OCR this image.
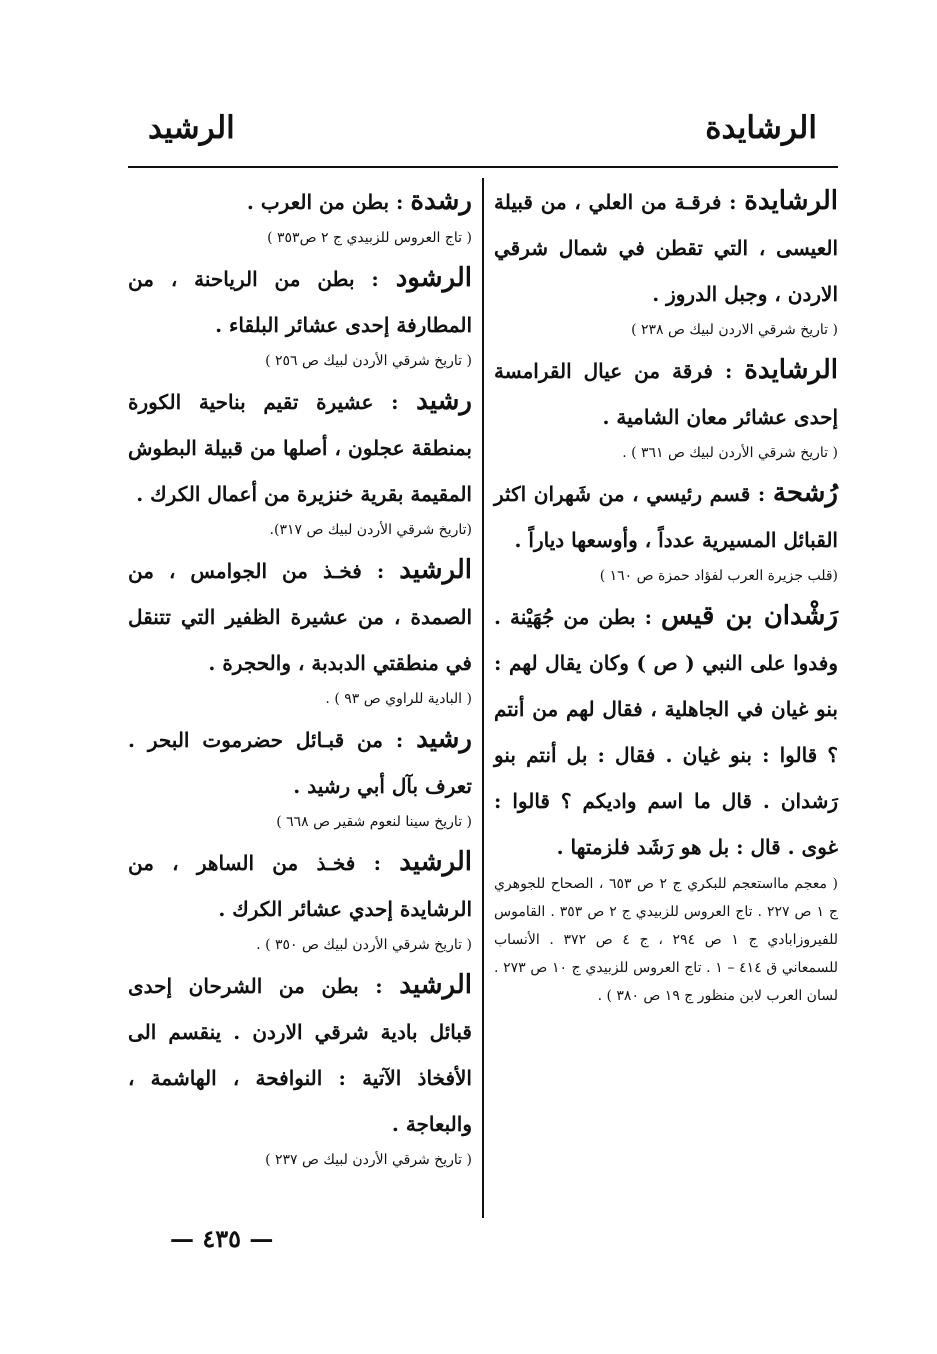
الرشايدة
الرشيد

الرشايدة : فرقـة من العلي ، من قبيلة العيسى ، التي تقطن في شمال شرقي الاردن ، وجبل الدروز .

( تاريخ شرقي الاردن لبيك ص ٢٣٨ )

الرشايدة : فرقة من عيال القرامسة إحدى عشائر معان الشامية .

( تاريخ شرقي الأردن لبيك ص ٣٦١ ) .

رُشحة : قسم رئيسي ، من شَهران اكثر القبائل المسيرية عدداً ، وأوسعها دياراً .

(قلب جزيرة العرب لفؤاد حمزة ص ١٦٠ )

رَشْدان بن قيس : بطن من جُهَيْنة . وفدوا على النبي ( ص ) وكان يقال لهم : بنو غيان في الجاهلية ، فقال لهم من أنتم ؟ قالوا : بنو غيان . فقال : بل أنتم بنو رَشدان . قال ما اسم واديكم ؟ قالوا : غوى . قال : بل هو رَشَد فلزمتها .

( معجم مااستعجم للبكري ج ٢ ص ٦٥٣ ، الصحاح للجوهري ج ١ ص ٢٢٧ . تاج العروس للزبيدي ج ٢ ص ٣٥٣ . القاموس للفيروزابادي ج ١ ص ٢٩٤ ، ج ٤ ص ٣٧٢ . الأنساب للسمعاني ق ٤١٤ – ١ . تاج العروس للزبيدي ج ١٠ ص ٢٧٣ . لسان العرب لابن منظور ج ١٩ ص ٣٨٠ ) .

رشدة : بطن من العرب .

( تاج العروس للزبيدي ج ٢ ص٣٥٣ )

الرشود : بطن من الرياحنة ، من المطارفة إحدى عشائر البلقاء .

( تاريخ شرقي الأردن لبيك ص ٢٥٦ )

رشيد : عشيرة تقيم بناحية الكورة بمنطقة عجلون ، أصلها من قبيلة البطوش المقيمة بقرية خنزيرة من أعمال الكرك .

(تاريخ شرقي الأردن لبيك ص ٣١٧).

الرشيد : فخـذ من الجوامس ، من الصمدة ، من عشيرة الظفير التي تتنقل في منطقتي الدبدبة ، والحجرة .

( البادية للراوي ص ٩٣ ) .

رشيد : من قبـائل حضرموت البحر . تعرف بآل أبي رشيد .

( تاريخ سينا لنعوم شقير ص ٦٦٨ )

الرشيد : فخـذ من الساهر ، من الرشايدة إحدي عشائر الكرك .

( تاريخ شرقي الأردن لبيك ص ٣٥٠ ) .

الرشيد : بطن من الشرحان إحدى قبائل بادية شرقي الاردن . ينقسم الى الأفخاذ الآتية : النوافحة ، الهاشمة ، والبعاجة .

( تاريخ شرقي الأردن لبيك ص ٢٣٧ )

— ٤٣٥ —
